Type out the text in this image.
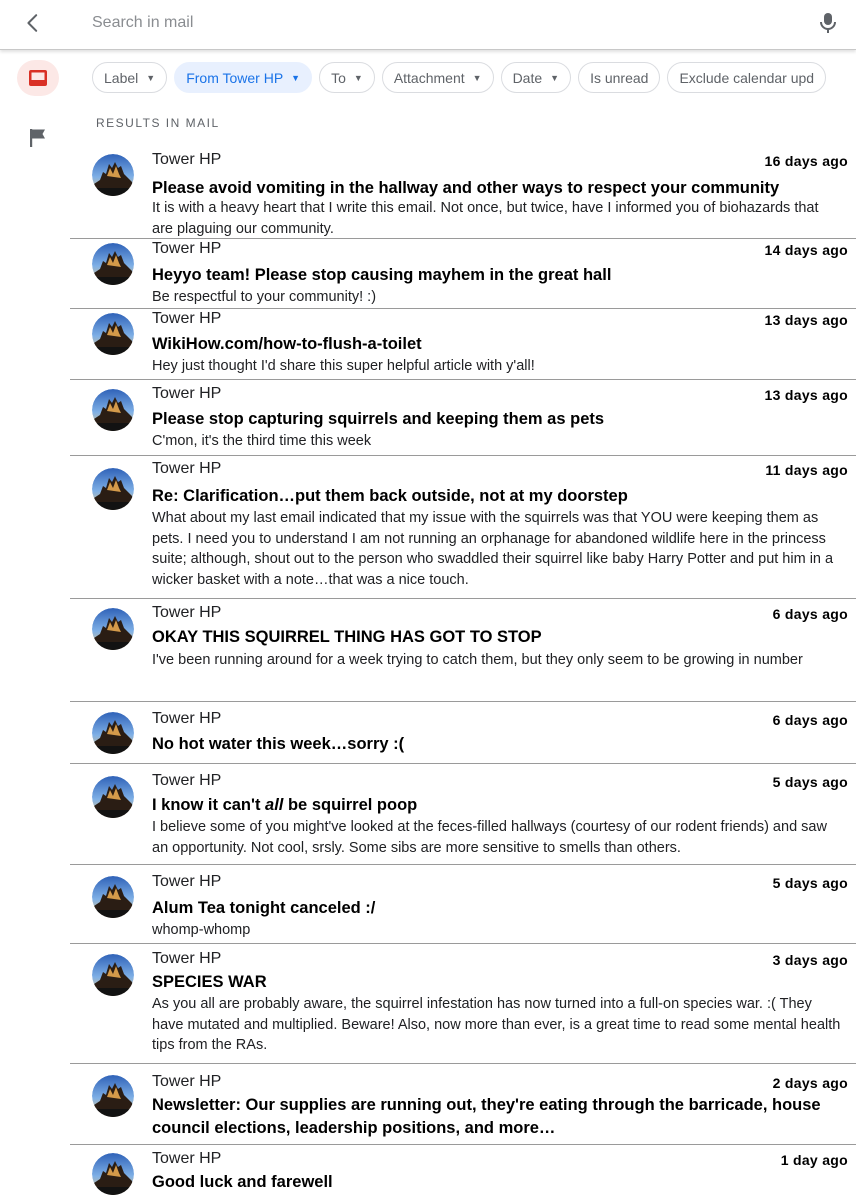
Search in mail
Label ▼ From Tower HP ▼ To ▼ Attachment ▼ Date ▼ Is unread Exclude calendar upd
RESULTS IN MAIL
Tower HP	16 days ago
Please avoid vomiting in the hallway and other ways to respect your community
It is with a heavy heart that I write this email. Not once, but twice, have I informed you of biohazards that are plaguing our community.
Tower HP	14 days ago
Heyyo team! Please stop causing mayhem in the great hall
Be respectful to your community! :)
Tower HP	13 days ago
WikiHow.com/how-to-flush-a-toilet
Hey just thought I'd share this super helpful article with y'all!
Tower HP	13 days ago
Please stop capturing squirrels and keeping them as pets
C'mon, it's the third time this week
Tower HP	11 days ago
Re: Clarification…put them back outside, not at my doorstep
What about my last email indicated that my issue with the squirrels was that YOU were keeping them as pets. I need you to understand I am not running an orphanage for abandoned wildlife here in the princess suite; although, shout out to the person who swaddled their squirrel like baby Harry Potter and put him in a wicker basket with a note…that was a nice touch.
Tower HP	6 days ago
OKAY THIS SQUIRREL THING HAS GOT TO STOP
I've been running around for a week trying to catch them, but they only seem to be growing in number
Tower HP	6 days ago
No hot water this week…sorry :(
Tower HP	5 days ago
I know it can't all be squirrel poop
I believe some of you might've looked at the feces-filled hallways (courtesy of our rodent friends) and saw an opportunity. Not cool, srsly. Some sibs are more sensitive to smells than others.
Tower HP	5 days ago
Alum Tea tonight canceled :/
whomp-whomp
Tower HP	3 days ago
SPECIES WAR
As you all are probably aware, the squirrel infestation has now turned into a full-on species war. :( They have mutated and multiplied. Beware! Also, now more than ever, is a great time to read some mental health tips from the RAs.
Tower HP	2 days ago
Newsletter: Our supplies are running out, they're eating through the barricade, house council elections, leadership positions, and more…
Tower HP	1 day ago
Good luck and farewell
